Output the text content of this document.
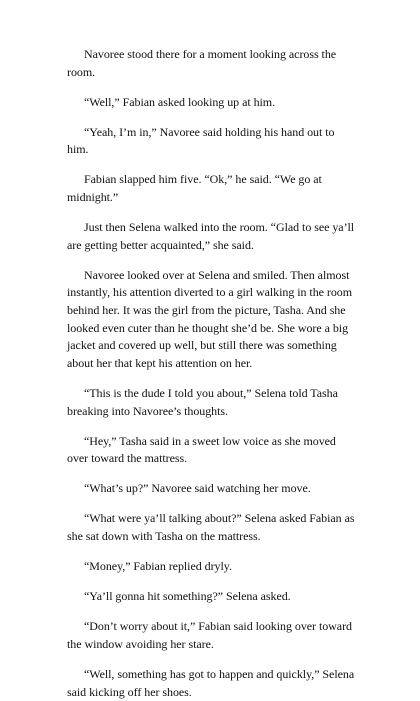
Navoree stood there for a moment looking across the room.

“Well,” Fabian asked looking up at him.

“Yeah, I’m in,” Navoree said holding his hand out to him.

Fabian slapped him five. “Ok,” he said. “We go at midnight.”

Just then Selena walked into the room. “Glad to see ya’ll are getting better acquainted,” she said.

Navoree looked over at Selena and smiled. Then almost instantly, his attention diverted to a girl walking in the room behind her. It was the girl from the picture, Tasha. And she looked even cuter than he thought she’d be. She wore a big jacket and covered up well, but still there was something about her that kept his attention on her.

“This is the dude I told you about,” Selena told Tasha breaking into Navoree’s thoughts.

“Hey,” Tasha said in a sweet low voice as she moved over toward the mattress.

“What’s up?” Navoree said watching her move.

“What were ya’ll talking about?” Selena asked Fabian as she sat down with Tasha on the mattress.

“Money,” Fabian replied dryly.

“Ya’ll gonna hit something?” Selena asked.

“Don’t worry about it,” Fabian said looking over toward the window avoiding her stare.

“Well, something has got to happen and quickly,” Selena said kicking off her shoes.
